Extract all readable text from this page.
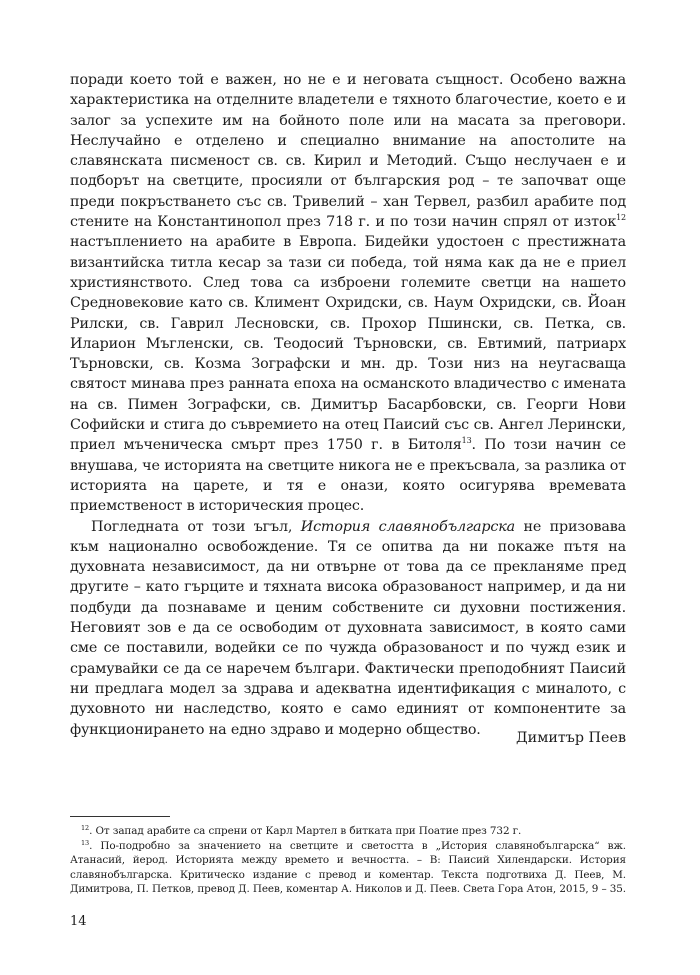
поради което той е важен, но не е и неговата същност. Особено важна характеристика на отделните владетели е тяхното благочестие, което е и залог за успехите им на бойното поле или на масата за преговори. Неслучайно е отделено и специално внимание на апостолите на славянската писменост св. св. Кирил и Методий. Също неслучаен е и подборът на светците, просияли от българския род – те започват още преди покръстването със св. Тривелий – хан Тервел, разбил арабите под стените на Константинопол през 718 г. и по този начин спрял от изток$^{12}$ настъплението на арабите в Европа. Бидейки удостоен с престижната византийска титла кесар за тази си победа, той няма как да не е приел християнството. След това са изброени големите светци на нашето Средновековие като св. Климент Охридски, св. Наум Охридски, св. Йоан Рилски, св. Гаврил Лесновски, св. Прохор Пшински, св. Петка, св. Иларион Мъгленски, св. Теодосий Търновски, св. Евтимий, патриарх Търновски, св. Козма Зографски и мн. др. Този низ на неугасваща святост минава през ранната епоха на османското владичество с имената на св. Пимен Зографски, св. Димитър Басарбовски, св. Георги Нови Софийски и стига до съвремието на отец Паисий със св. Ангел Лерински, приел мъченическа смърт през 1750 г. в Битоля$^{13}$. По този начин се внушава, че историята на светците никога не е прекъсвала, за разлика от историята на царете, и тя е онази, която осигурява времевата приемственост в историческия процес.

Погледната от този ъгъл, История славянобългарска не призовава към национално освобождение. Тя се опитва да ни покаже пътя на духовната независимост, да ни отвърне от това да се прекланяме пред другите – като гърците и тяхната висока образованост например, и да ни подбуди да познаваме и ценим собствените си духовни постижения. Неговият зов е да се освободим от духовната зависимост, в която сами сме се поставили, водейки се по чужда образованост и по чужд език и срамувайки се да се наречем българи. Фактически преподобният Паисий ни предлага модел за здрава и адекватна идентификация с миналото, с духовното ни наследство, която е само единият от компонентите за функционирането на едно здраво и модерно общество.

Димитър Пеев

$^{12}$. От запад арабите са спрени от Карл Мартел в битката при Поатие през 732 г.

$^{13}$. По-подробно за значението на светците и светостта в „История славянобългарска“ вж. Атанасий, йерод. Историята между времето и вечността. – В: Паисий Хилендарски. История славянобългарска. Критическо издание с превод и коментар. Текста подготвиха Д. Пеев, М. Димитрова, П. Петков, превод Д. Пеев, коментар А. Николов и Д. Пеев. Света Гора Атон, 2015, 9 – 35.

14
